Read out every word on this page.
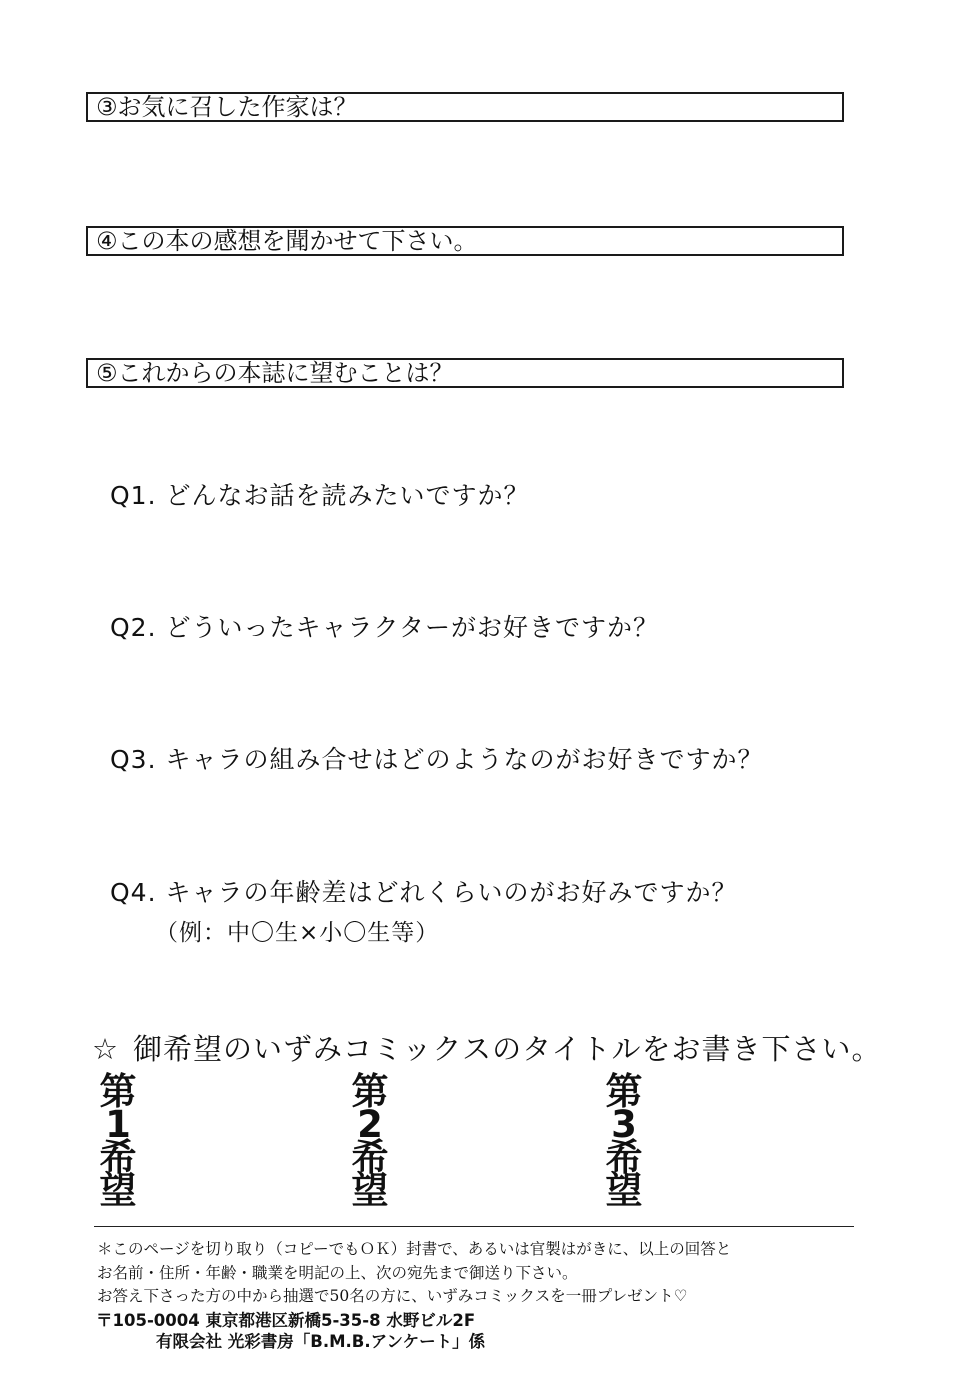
③お気に召した作家は？
④この本の感想を聞かせて下さい。
⑤これからの本誌に望むことは？
Q1. どんなお話を読みたいですか？
Q2. どういったキャラクターがお好きですか？
Q3. キャラの組み合せはどのようなのがお好きですか？
Q4. キャラの年齢差はどれくらいのがお好みですか？
（例：中〇生×小〇生等）
☆ 御希望のいずみコミックスのタイトルをお書き下さい。
第
1
希
望
第
2
希
望
第
3
希
望
＊このページを切り取り（コピーでもＯＫ）封書で、あるいは官製はがきに、以上の回答と
お名前・住所・年齢・職業を明記の上、次の宛先まで御送り下さい。
お答え下さった方の中から抽選で50名の方に、いずみコミックスを一冊プレゼント♡
〒105-0004 東京都港区新橋5-35-8 水野ビル2F
有限会社 光彩書房「B.M.B.アンケート」係
